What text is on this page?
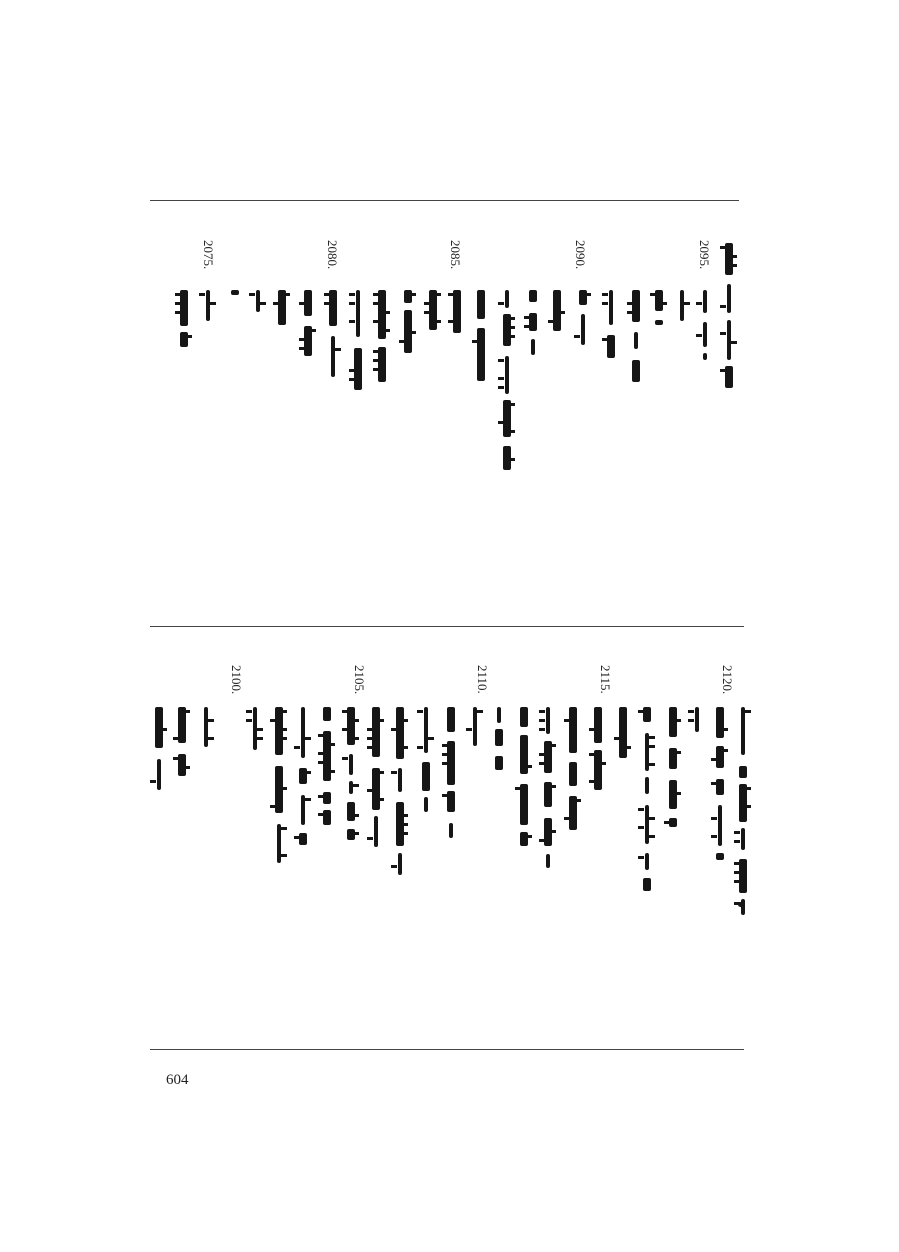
2095.
2090.
2085.
2080.
2075.
2120.
2115.
2110.
2105.
2100.
604
